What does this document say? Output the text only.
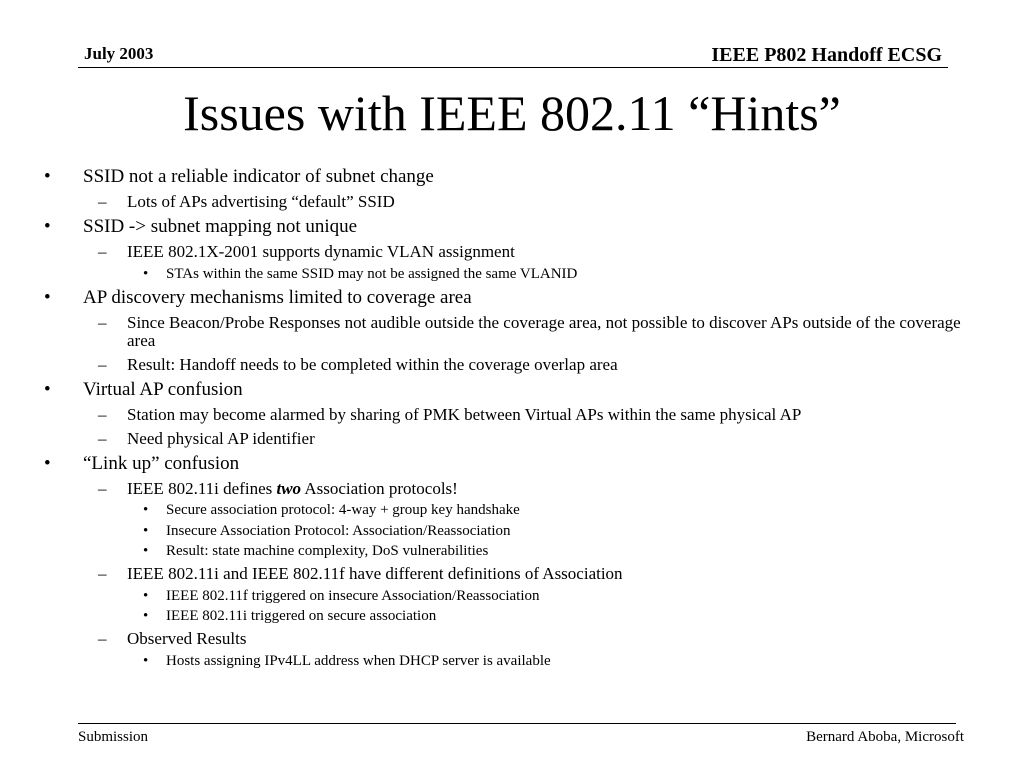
July 2003	IEEE P802 Handoff ECSG
Issues with IEEE 802.11 “Hints”
• SSID not a reliable indicator of subnet change
– Lots of APs advertising “default” SSID
• SSID -> subnet mapping not unique
– IEEE 802.1X-2001 supports dynamic VLAN assignment
• STAs within the same SSID may not be assigned the same VLANID
• AP discovery mechanisms limited to coverage area
– Since Beacon/Probe Responses not audible outside the coverage area, not possible to discover APs outside of the coverage area
– Result: Handoff needs to be completed within the coverage overlap area
• Virtual AP confusion
– Station may become alarmed by sharing of PMK between Virtual APs within the same physical AP
– Need physical AP identifier
• “Link up” confusion
– IEEE 802.11i defines two Association protocols!
• Secure association protocol: 4-way + group key handshake
• Insecure Association Protocol: Association/Reassociation
• Result: state machine complexity, DoS vulnerabilities
– IEEE 802.11i and IEEE 802.11f have different definitions of Association
• IEEE 802.11f triggered on insecure Association/Reassociation
• IEEE 802.11i triggered on secure association
– Observed Results
• Hosts assigning IPv4LL address when DHCP server is available
Submission	Bernard Aboba, Microsoft
